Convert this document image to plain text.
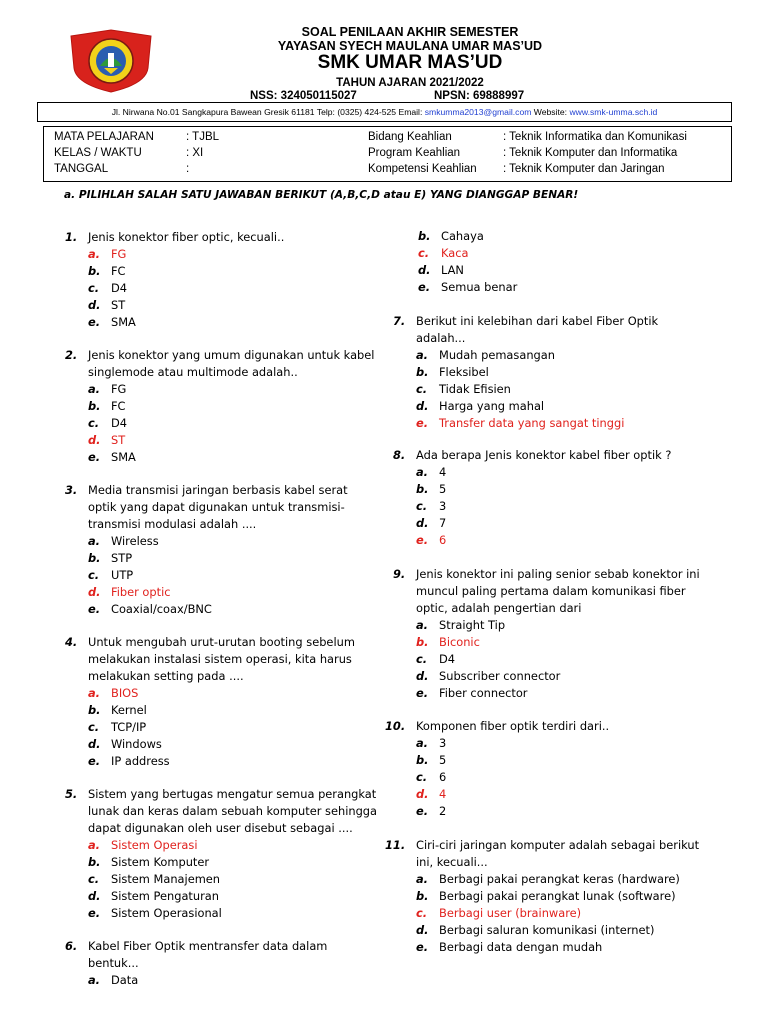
SOAL PENILAAN AKHIR SEMESTER
YAYASAN SYECH MAULANA UMAR MAS’UD
SMK UMAR MAS’UD
TAHUN AJARAN 2021/2022
NSS: 324050115027	NPSN: 69888997
Jl. Nirwana No.01 Sangkapura Bawean Gresik 61181 Telp: (0325) 424-525 Email: smkumma2013@gmail.com Website: www.smk-umma.sch.id
MATA PELAJARAN	: TJBL
KELAS / WAKTU	: XI
TANGGAL	:
Bidang Keahlian	: Teknik Informatika dan Komunikasi
Program Keahlian	: Teknik Komputer dan Informatika
Kompetensi Keahlian : Teknik Komputer dan Jaringan
a. PILIHLAH SALAH SATU JAWABAN BERIKUT (A,B,C,D atau E) YANG DIANGGAP BENAR!
1. Jenis konektor fiber optic, kecuali..
a. FG
b. FC
c. D4
d. ST
e. SMA
2. Jenis konektor yang umum digunakan untuk kabel
singlemode atau multimode adalah..
a. FG
b. FC
c. D4
d. ST
e. SMA
3. Media transmisi jaringan berbasis kabel serat
optik yang dapat digunakan untuk transmisi-
transmisi modulasi adalah ....
a. Wireless
b. STP
c. UTP
d. Fiber optic
e. Coaxial/coax/BNC
4. Untuk mengubah urut-urutan booting sebelum
melakukan instalasi sistem operasi, kita harus
melakukan setting pada ....
a. BIOS
b. Kernel
c. TCP/IP
d. Windows
e. IP address
5. Sistem yang bertugas mengatur semua perangkat
lunak dan keras dalam sebuah komputer sehingga
dapat digunakan oleh user disebut sebagai ....
a. Sistem Operasi
b. Sistem Komputer
c. Sistem Manajemen
d. Sistem Pengaturan
e. Sistem Operasional
6. Kabel Fiber Optik mentransfer data dalam
bentuk...
a. Data
b. Cahaya
c. Kaca
d. LAN
e. Semua benar
7. Berikut ini kelebihan dari kabel Fiber Optik
adalah...
a. Mudah pemasangan
b. Fleksibel
c. Tidak Efisien
d. Harga yang mahal
e. Transfer data yang sangat tinggi
8. Ada berapa Jenis konektor kabel fiber optik ?
a. 4
b. 5
c. 3
d. 7
e. 6
9. Jenis konektor ini paling senior sebab konektor ini
muncul paling pertama dalam komunikasi fiber
optic, adalah pengertian dari
a. Straight Tip
b. Biconic
c. D4
d. Subscriber connector
e. Fiber connector
10. Komponen fiber optik terdiri dari..
a. 3
b. 5
c. 6
d. 4
e. 2
11. Ciri-ciri jaringan komputer adalah sebagai berikut
ini, kecuali...
a. Berbagi pakai perangkat keras (hardware)
b. Berbagi pakai perangkat lunak (software)
c. Berbagi user (brainware)
d. Berbagi saluran komunikasi (internet)
e. Berbagi data dengan mudah
